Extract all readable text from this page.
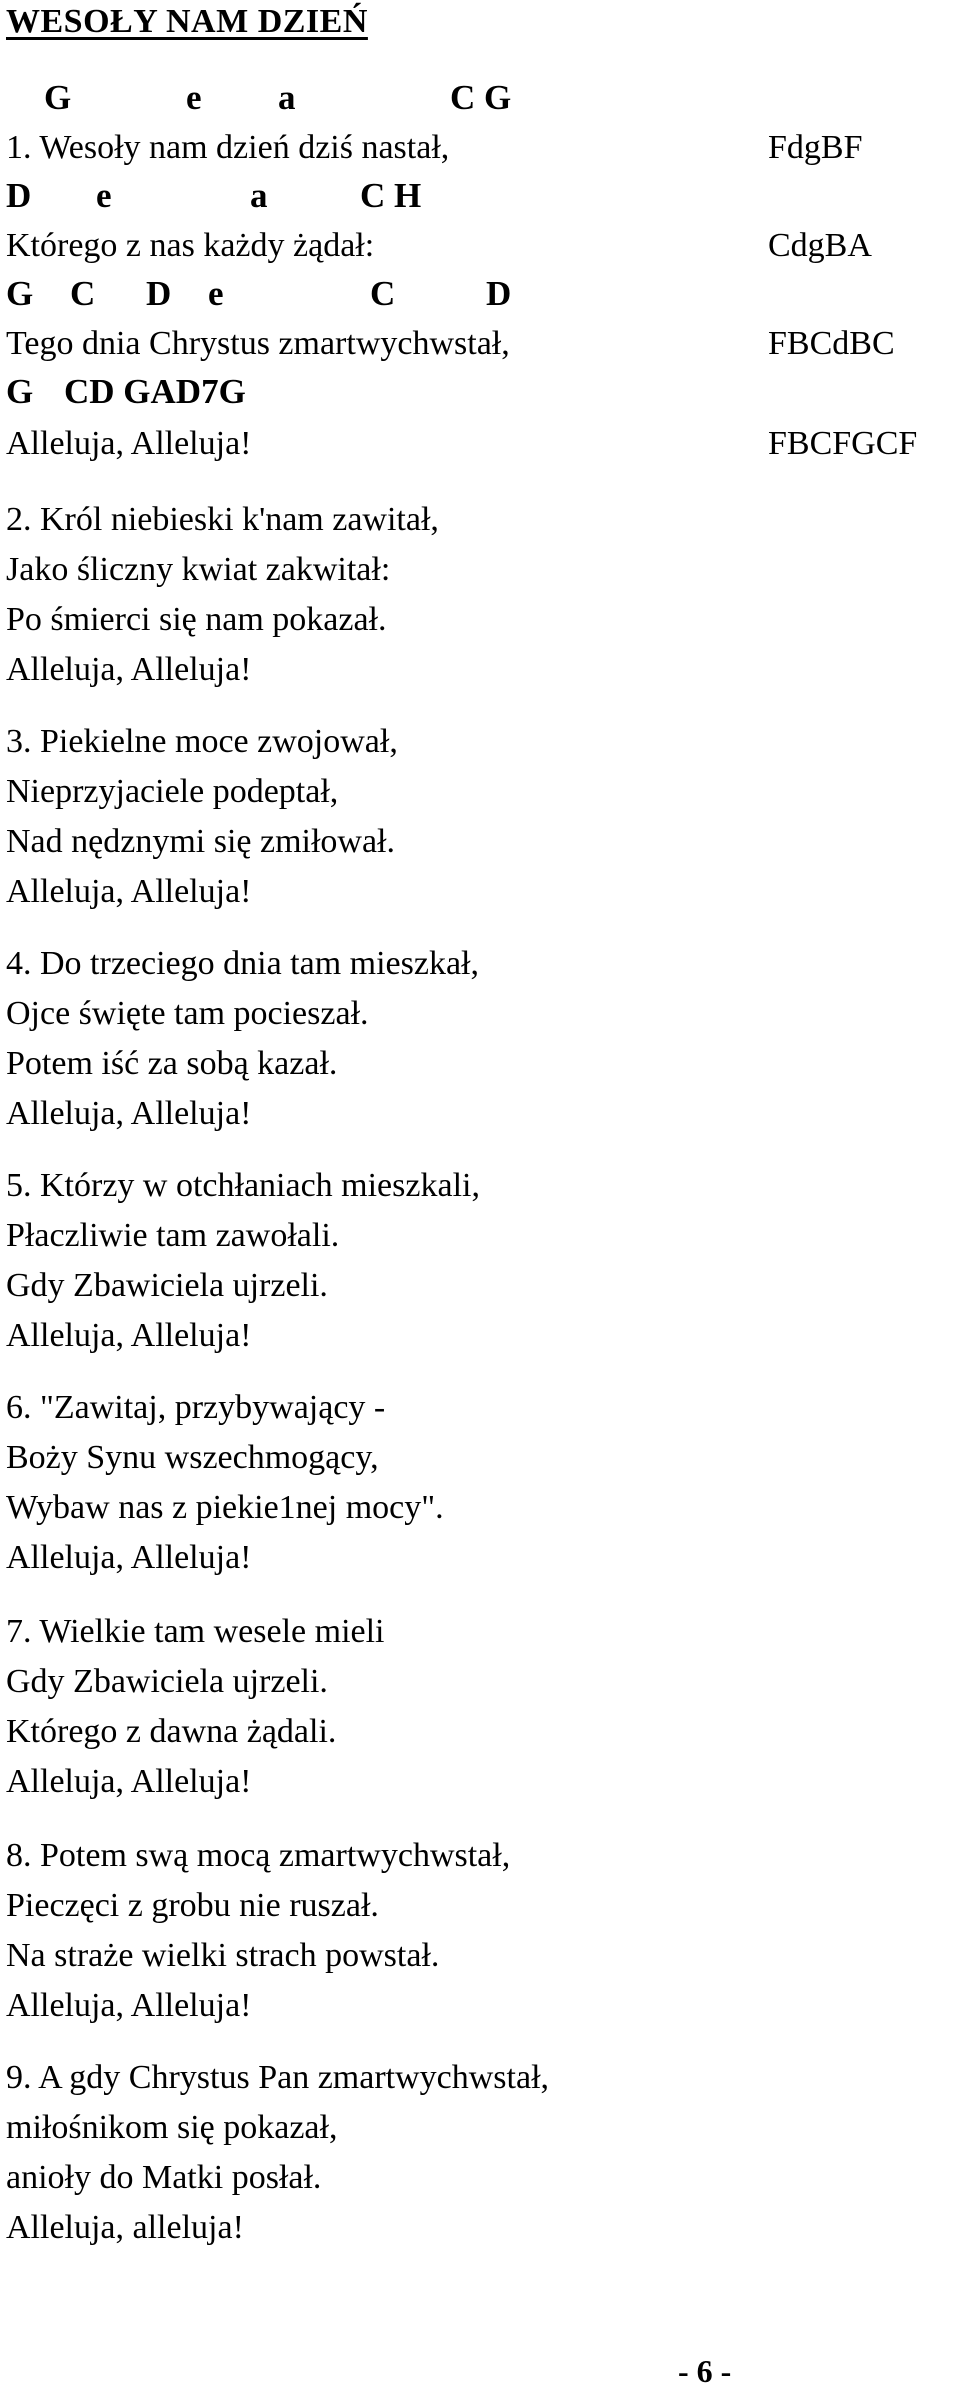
WESOŁY NAM DZIEŃ
G	e a	C G
1. Wesoły nam dzień dziś nastał,	FdgBF
D e	a	C H
Którego z nas każdy żądał:	CdgBA
G C D e	C	D
Tego dnia Chrystus zmartwychwstał,	FBCdBC
G CD GAD7G
Alleluja, Alleluja!	FBCFGCF
2. Król niebieski k'nam zawitał,
Jako śliczny kwiat zakwitał:
Po śmierci się nam pokazał.
Alleluja, Alleluja!
3. Piekielne moce zwojował,
Nieprzyjaciele podeptał,
Nad nędznymi się zmiłował.
Alleluja, Alleluja!
4. Do trzeciego dnia tam mieszkał,
Ojce święte tam pocieszał.
Potem iść za sobą kazał.
Alleluja, Alleluja!
5. Którzy w otchłaniach mieszkali,
Płaczliwie tam zawołali.
Gdy Zbawiciela ujrzeli.
Alleluja, Alleluja!
6. "Zawitaj, przybywający -
Boży Synu wszechmogący,
Wybaw nas z piekie1nej mocy".
Alleluja, Alleluja!
7. Wielkie tam wesele mieli
Gdy Zbawiciela ujrzeli.
Którego z dawna żądali.
Alleluja, Alleluja!
8. Potem swą mocą zmartwychwstał,
Pieczęci z grobu nie ruszał.
Na straże wielki strach powstał.
Alleluja, Alleluja!
9. A gdy Chrystus Pan zmartwychwstał,
miłośnikom się pokazał,
anioły do Matki posłał.
Alleluja, alleluja!
- 6 -
